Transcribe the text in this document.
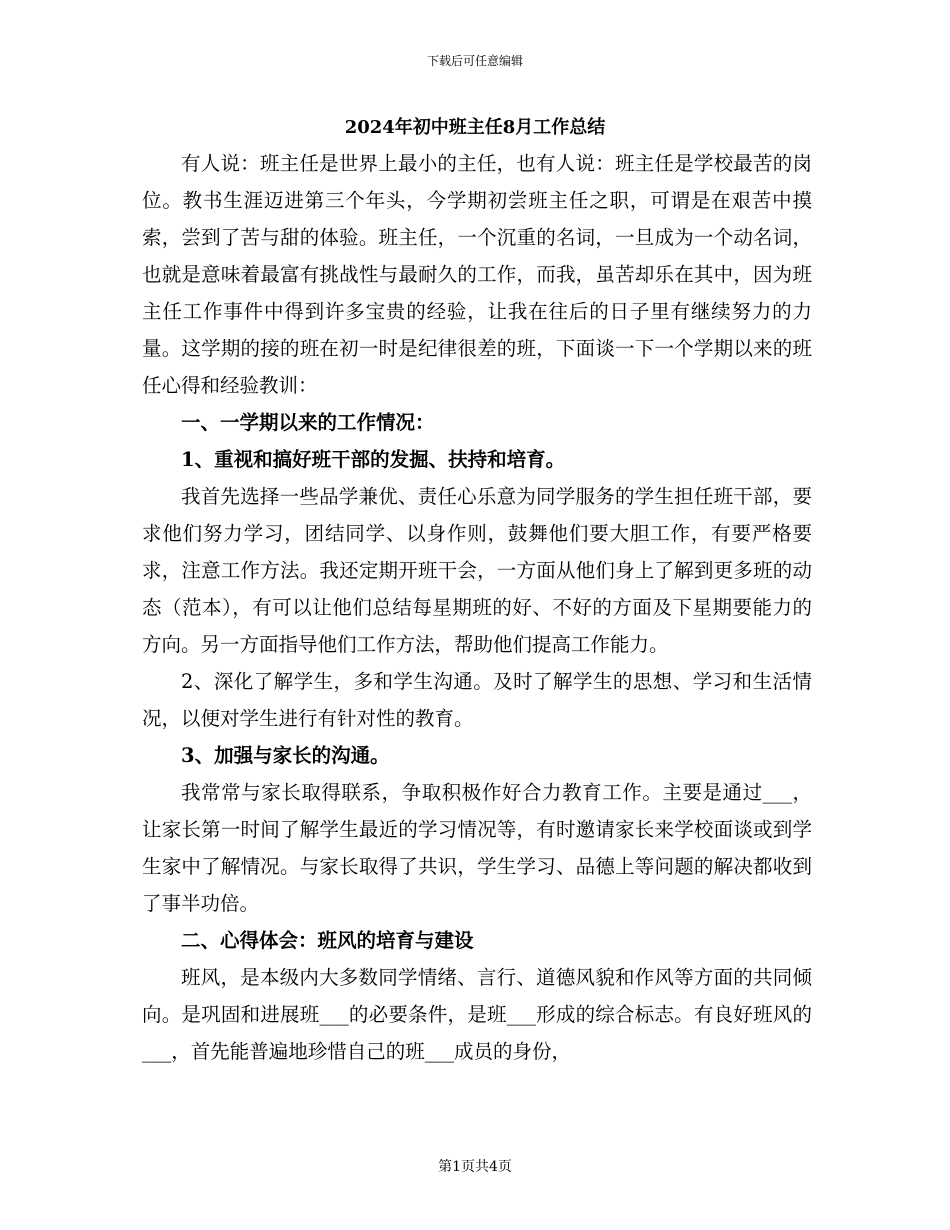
下载后可任意编辑
2024年初中班主任8月工作总结

有人说：班主任是世界上最小的主任，也有人说：班主任是学校最苦的岗位。教书生涯迈进第三个年头，今学期初尝班主任之职，可谓是在艰苦中摸索，尝到了苦与甜的体验。班主任，一个沉重的名词，一旦成为一个动名词，也就是意味着最富有挑战性与最耐久的工作，而我，虽苦却乐在其中，因为班主任工作事件中得到许多宝贵的经验，让我在往后的日子里有继续努力的力量。这学期的接的班在初一时是纪律很差的班，下面谈一下一个学期以来的班任心得和经验教训：

一、一学期以来的工作情况：

1、重视和搞好班干部的发掘、扶持和培育。

我首先选择一些品学兼优、责任心乐意为同学服务的学生担任班干部，要求他们努力学习，团结同学、以身作则，鼓舞他们要大胆工作，有要严格要求，注意工作方法。我还定期开班干会，一方面从他们身上了解到更多班的动态（范本），有可以让他们总结每星期班的好、不好的方面及下星期要能力的方向。另一方面指导他们工作方法，帮助他们提高工作能力。

2、深化了解学生，多和学生沟通。及时了解学生的思想、学习和生活情况，以便对学生进行有针对性的教育。

3、加强与家长的沟通。

我常常与家长取得联系，争取积极作好合力教育工作。主要是通过___，让家长第一时间了解学生最近的学习情况等，有时邀请家长来学校面谈或到学生家中了解情况。与家长取得了共识，学生学习、品德上等问题的解决都收到了事半功倍。

二、心得体会：班风的培育与建设

班风，是本级内大多数同学情绪、言行、道德风貌和作风等方面的共同倾向。是巩固和进展班___的必要条件，是班___形成的综合标志。有良好班风的___，首先能普遍地珍惜自己的班___成员的身份，

第1页共4页
